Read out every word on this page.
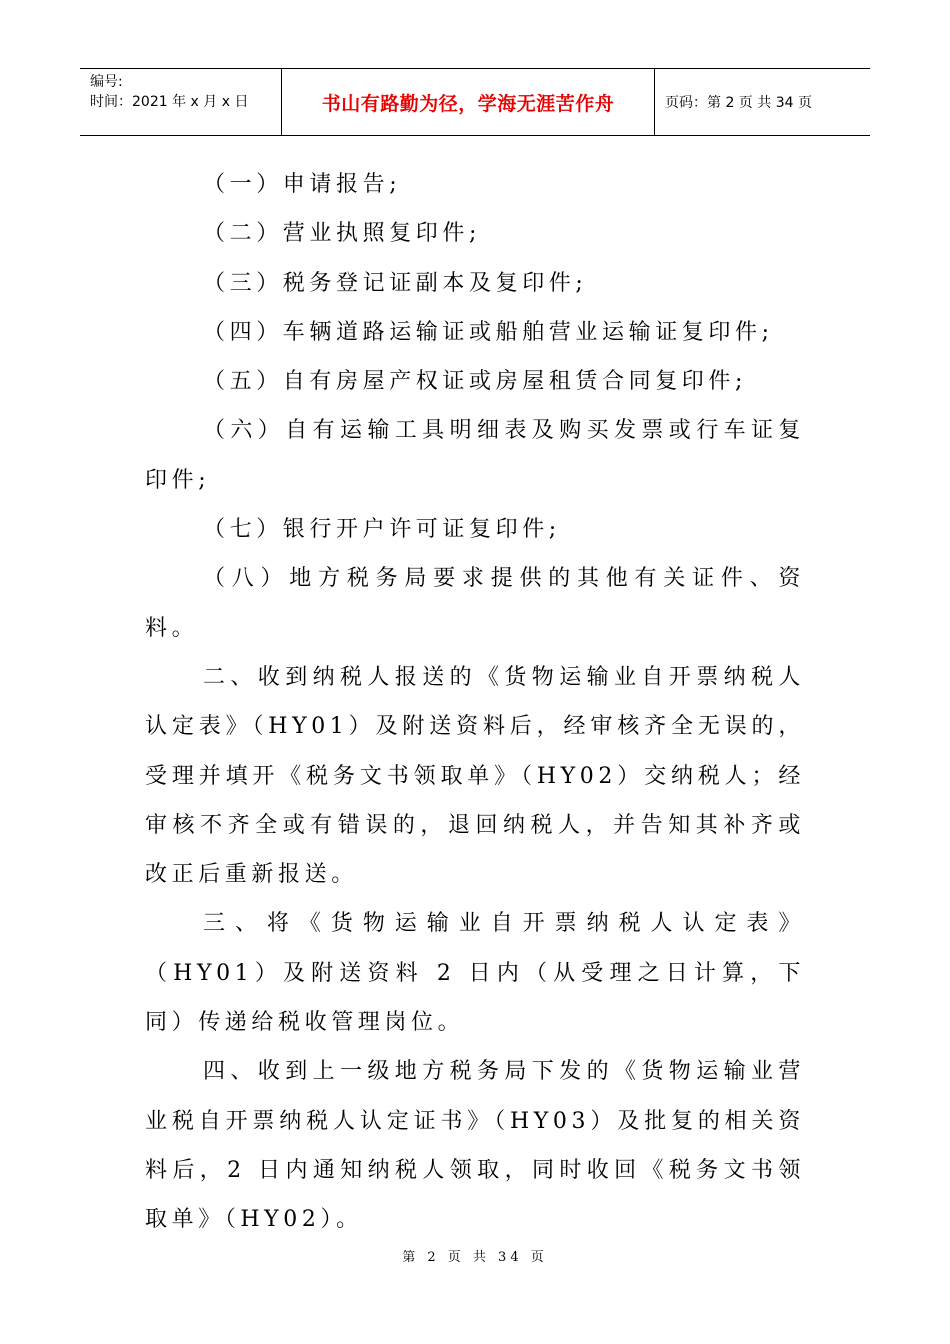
编号:
时间：2021 年 x 月 x 日	书山有路勤为径，学海无涯苦作舟	页码：第 2 页 共 34 页

（一）申请报告;

（二）营业执照复印件;

（三）税务登记证副本及复印件;

（四）车辆道路运输证或船舶营业运输证复印件;

（五）自有房屋产权证或房屋租赁合同复印件;

（六）自有运输工具明细表及购买发票或行车证复印件;

（七）银行开户许可证复印件;

（八）地方税务局要求提供的其他有关证件、资料。

二、收到纳税人报送的《货物运输业自开票纳税人认定表》（HY01）及附送资料后，经审核齐全无误的，受理并填开《税务文书领取单》（HY02）交纳税人；经审核不齐全或有错误的，退回纳税人，并告知其补齐或改正后重新报送。

三、将《货物运输业自开票纳税人认定表》（HY01）及附送资料 2 日内（从受理之日计算，下同）传递给税收管理岗位。

四、收到上一级地方税务局下发的《货物运输业营业税自开票纳税人认定证书》（HY03）及批复的相关资料后，2 日内通知纳税人领取，同时收回《税务文书领取单》（HY02）。

第 2 页 共 34 页
